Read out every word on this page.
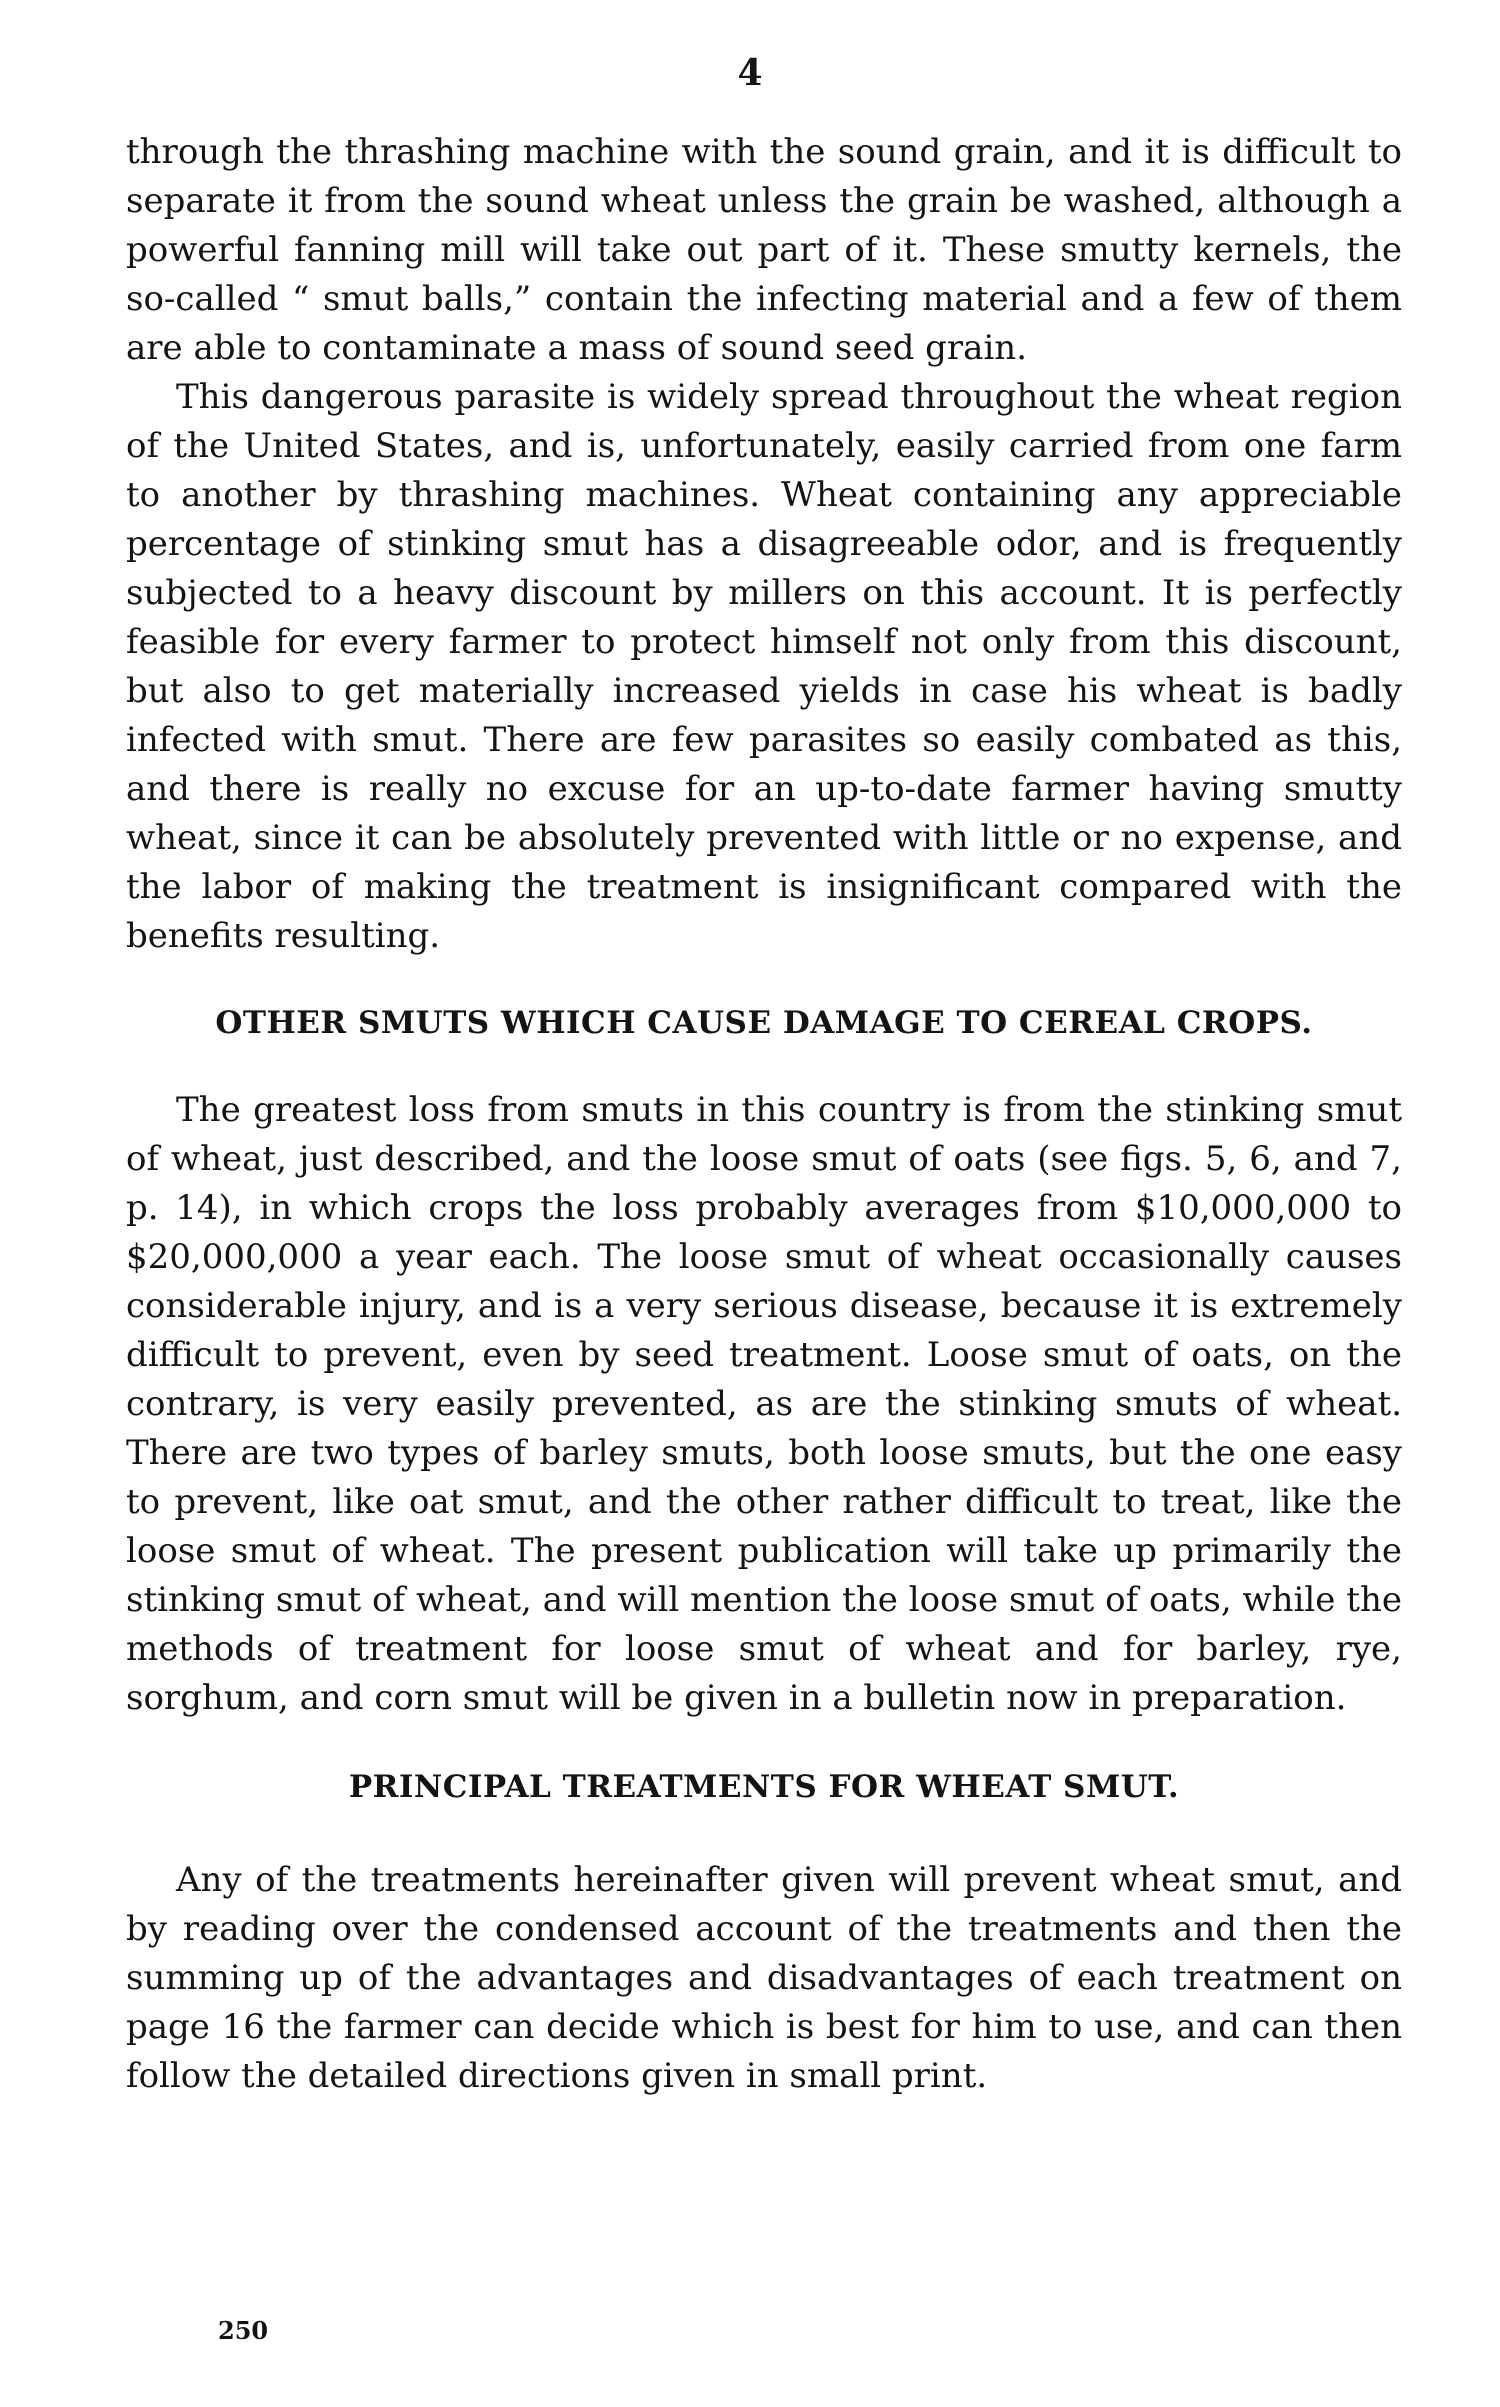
4

through the thrashing machine with the sound grain, and it is difficult to separate it from the sound wheat unless the grain be washed, although a powerful fanning mill will take out part of it. These smutty kernels, the so-called “ smut balls,” contain the infecting material and a few of them are able to contaminate a mass of sound seed grain.

This dangerous parasite is widely spread throughout the wheat region of the United States, and is, unfortunately, easily carried from one farm to another by thrashing machines. Wheat containing any appreciable percentage of stinking smut has a disagreeable odor, and is frequently subjected to a heavy discount by millers on this account. It is perfectly feasible for every farmer to protect himself not only from this discount, but also to get materially increased yields in case his wheat is badly infected with smut. There are few parasites so easily combated as this, and there is really no excuse for an up-to-date farmer having smutty wheat, since it can be absolutely prevented with little or no expense, and the labor of making the treatment is insignificant compared with the benefits resulting.

OTHER SMUTS WHICH CAUSE DAMAGE TO CEREAL CROPS.

The greatest loss from smuts in this country is from the stinking smut of wheat, just described, and the loose smut of oats (see figs. 5, 6, and 7, p. 14), in which crops the loss probably averages from $10,000,000 to $20,000,000 a year each. The loose smut of wheat occasionally causes considerable injury, and is a very serious disease, because it is extremely difficult to prevent, even by seed treatment. Loose smut of oats, on the contrary, is very easily prevented, as are the stinking smuts of wheat. There are two types of barley smuts, both loose smuts, but the one easy to prevent, like oat smut, and the other rather difficult to treat, like the loose smut of wheat. The present publication will take up primarily the stinking smut of wheat, and will mention the loose smut of oats, while the methods of treatment for loose smut of wheat and for barley, rye, sorghum, and corn smut will be given in a bulletin now in preparation.

PRINCIPAL TREATMENTS FOR WHEAT SMUT.

Any of the treatments hereinafter given will prevent wheat smut, and by reading over the condensed account of the treatments and then the summing up of the advantages and disadvantages of each treatment on page 16 the farmer can decide which is best for him to use, and can then follow the detailed directions given in small print.

250
